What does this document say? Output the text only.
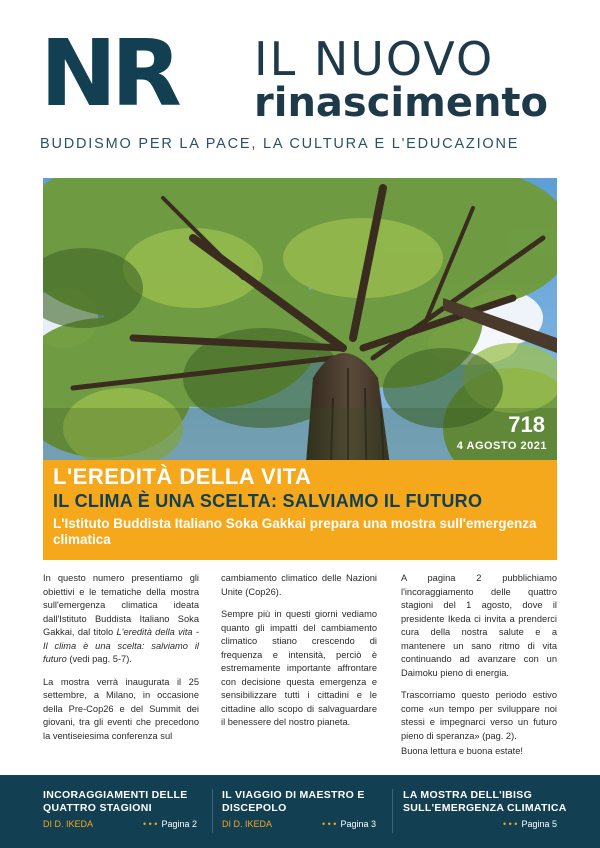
NR IL NUOVO
rinascimento
BUDDISMO PER LA PACE, LA CULTURA E L'EDUCAZIONE
718
4 AGOSTO 2021
L'EREDITÀ DELLA VITA
IL CLIMA È UNA SCELTA: SALVIAMO IL FUTURO
L'Istituto Buddista Italiano Soka Gakkai prepara una mostra sull'emergenza climatica

In questo numero presentiamo gli obiettivi e le tematiche della mostra sull'emergenza climatica ideata dall'Istituto Buddista Italiano Soka Gakkai, dal titolo L'eredità della vita - Il clima è una scelta: salviamo il futuro (vedi pag. 5-7).

La mostra verrà inaugurata il 25 settembre, a Milano, in occasione della Pre-Cop26 e del Summit dei giovani, tra gli eventi che precedono la ventiseiesima conferenza sul

cambiamento climatico delle Nazioni Unite (Cop26).

Sempre più in questi giorni vediamo quanto gli impatti del cambiamento climatico stiano crescendo di frequenza e intensità, perciò è estremamente importante affrontare con decisione questa emergenza e sensibilizzare tutti i cittadini e le cittadine allo scopo di salvaguardare il benessere del nostro pianeta.

A pagina 2 pubblichiamo l'incoraggiamento delle quattro stagioni del 1 agosto, dove il presidente Ikeda ci invita a prenderci cura della nostra salute e a mantenere un sano ritmo di vita continuando ad avanzare con un Daimoku pieno di energia.

Trascorriamo questo periodo estivo come «un tempo per sviluppare noi stessi e impegnarci verso un futuro pieno di speranza» (pag. 2).

Buona lettura e buona estate!

INCORAGGIAMENTI DELLE QUATTRO STAGIONI
DI D. IKEDA	• • • Pagina 2
IL VIAGGIO DI MAESTRO E DISCEPOLO
DI D. IKEDA	• • • Pagina 3
LA MOSTRA DELL'IBISG SULL'EMERGENZA CLIMATICA
• • • Pagina 5
